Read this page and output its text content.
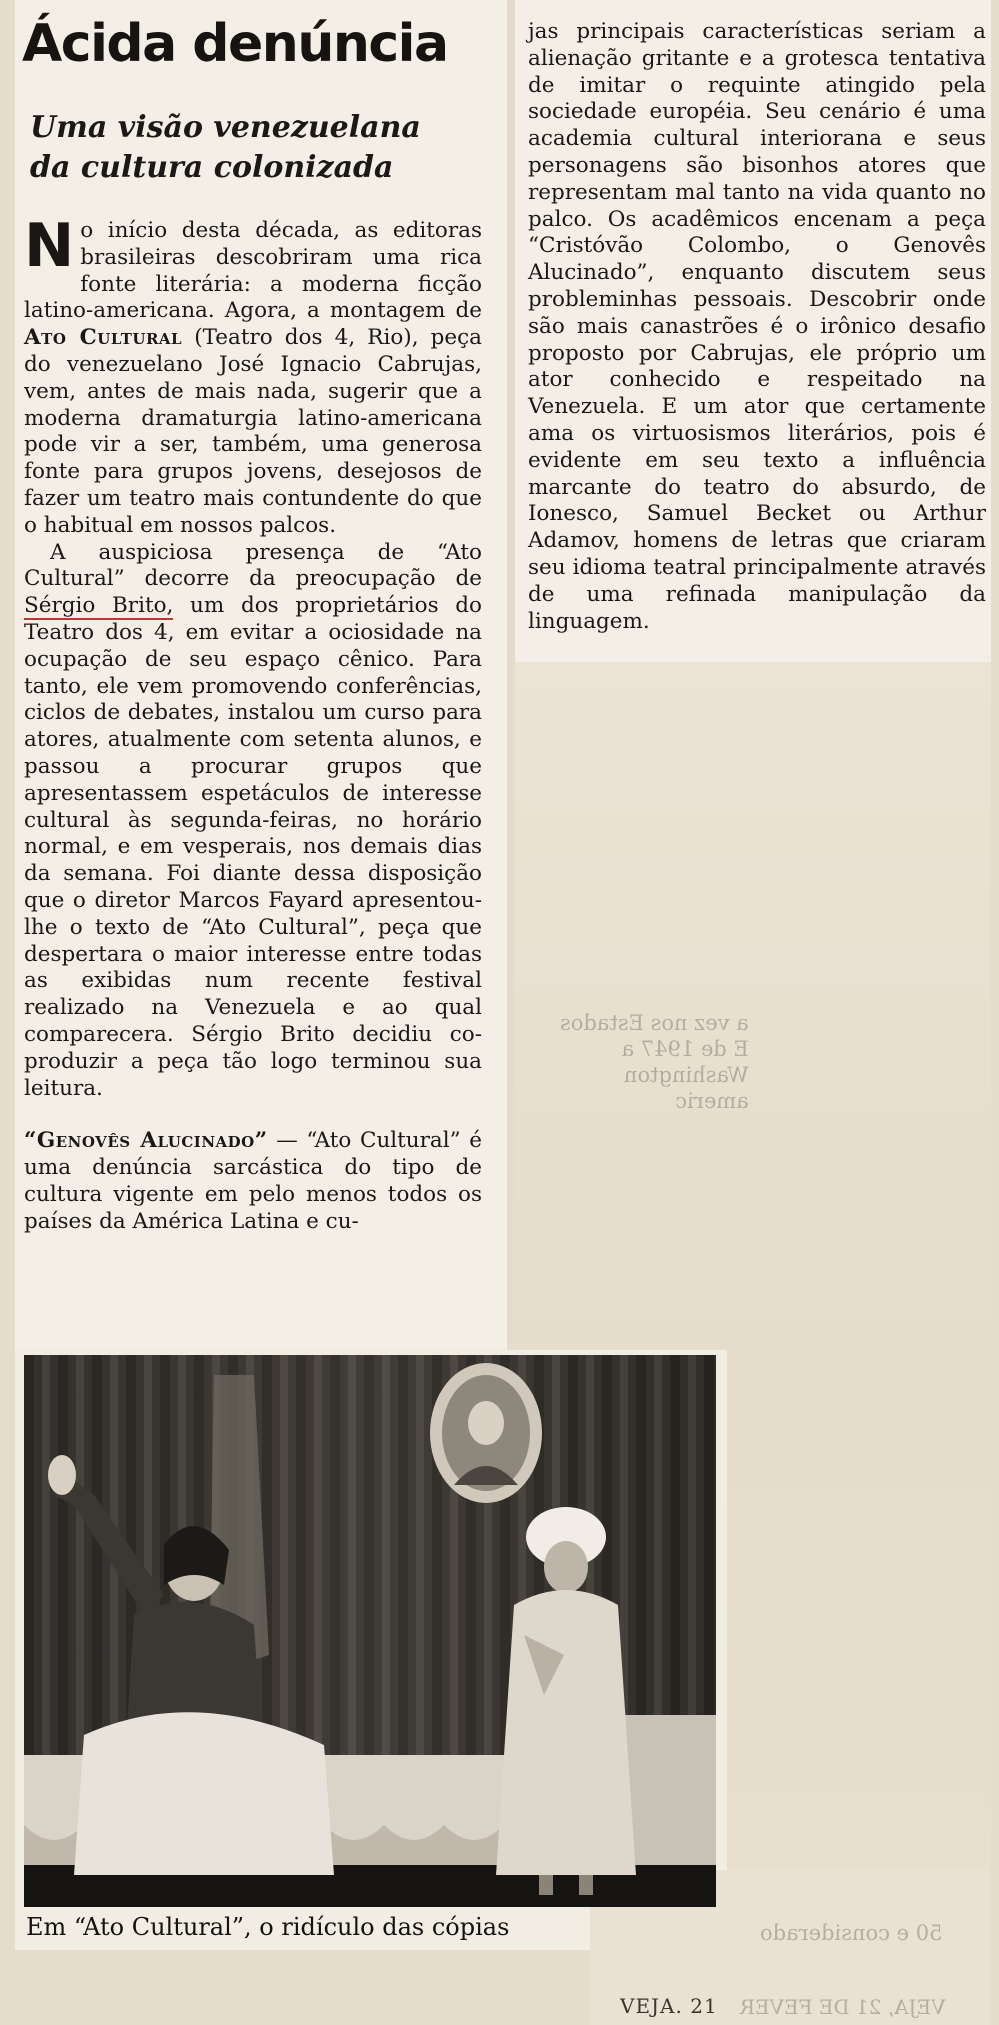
a vez nos Estados
E de 1947 a
Washington
americ
50 e considerado
VEJA, 21 DE FEVER
Ácida denúncia
Uma visão venezuelana da cultura colonizada

No início desta década, as editoras brasileiras descobriram uma rica fonte literária: a moderna ficção latino-americana. Agora, a montagem de Ato Cultural (Teatro dos 4, Rio), peça do venezuelano José Ignacio Cabrujas, vem, antes de mais nada, sugerir que a moderna dramaturgia latino-americana pode vir a ser, também, uma generosa fonte para grupos jovens, desejosos de fazer um teatro mais contundente do que o habitual em nossos palcos.

A auspiciosa presença de “Ato Cultural” decorre da preocupação de Sérgio Brito, um dos proprietários do Teatro dos 4, em evitar a ociosidade na ocupação de seu espaço cênico. Para tanto, ele vem promovendo conferências, ciclos de debates, instalou um curso para atores, atualmente com setenta alunos, e passou a procurar grupos que apresentassem espetáculos de interesse cultural às segunda-feiras, no horário normal, e em vesperais, nos demais dias da semana. Foi diante dessa disposição que o diretor Marcos Fayard apresentou-lhe o texto de “Ato Cultural”, peça que despertara o maior interesse entre todas as exibidas num recente festival realizado na Venezuela e ao qual comparecera. Sérgio Brito decidiu co-produzir a peça tão logo terminou sua leitura.

“Genovês Alucinado” — “Ato Cultural” é uma denúncia sarcástica do tipo de cultura vigente em pelo menos todos os países da América Latina e cu-

jas principais características seriam a alienação gritante e a grotesca tentativa de imitar o requinte atingido pela sociedade européia. Seu cenário é uma academia cultural interiorana e seus personagens são bisonhos atores que representam mal tanto na vida quanto no palco. Os acadêmicos encenam a peça “Cristóvão Colombo, o Genovês Alucinado”, enquanto discutem seus probleminhas pessoais. Descobrir onde são mais canastrões é o irônico desafio proposto por Cabrujas, ele próprio um ator conhecido e respeitado na Venezuela. E um ator que certamente ama os virtuosismos literários, pois é evidente em seu texto a influência marcante do teatro do absurdo, de Ionesco, Samuel Becket ou Arthur Adamov, homens de letras que criaram seu idioma teatral principalmente através de uma refinada manipulação da linguagem.

Em “Ato Cultural”, o ridículo das cópias

VEJA. 21
